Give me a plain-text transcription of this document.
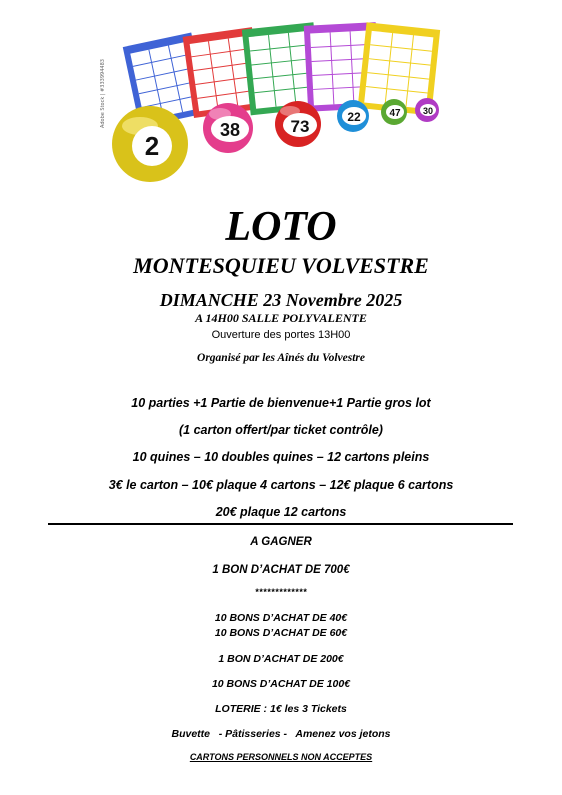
2
38	73	22	47 30
Adobe Stock | #333994483
LOTO
MONTESQUIEU VOLVESTRE
DIMANCHE 23 Novembre 2025
A 14H00 SALLE POLYVALENTE
Ouverture des portes 13H00
Organisé par les Aînés du Volvestre
10 parties +1 Partie de bienvenue+1 Partie gros lot
(1 carton offert/par ticket contrôle)
10 quines – 10 doubles quines – 12 cartons pleins
3€ le carton – 10€ plaque 4 cartons – 12€ plaque 6 cartons
20€ plaque 12 cartons
A GAGNER
1 BON D’ACHAT DE 700€
*************
10 BONS D’ACHAT DE 40€
10 BONS D’ACHAT DE 60€
1 BON D’ACHAT DE 200€
10 BONS D’ACHAT DE 100€
LOTERIE : 1€ les 3 Tickets
Buvette   - Pâtisseries -   Amenez vos jetons
CARTONS PERSONNELS NON ACCEPTES
